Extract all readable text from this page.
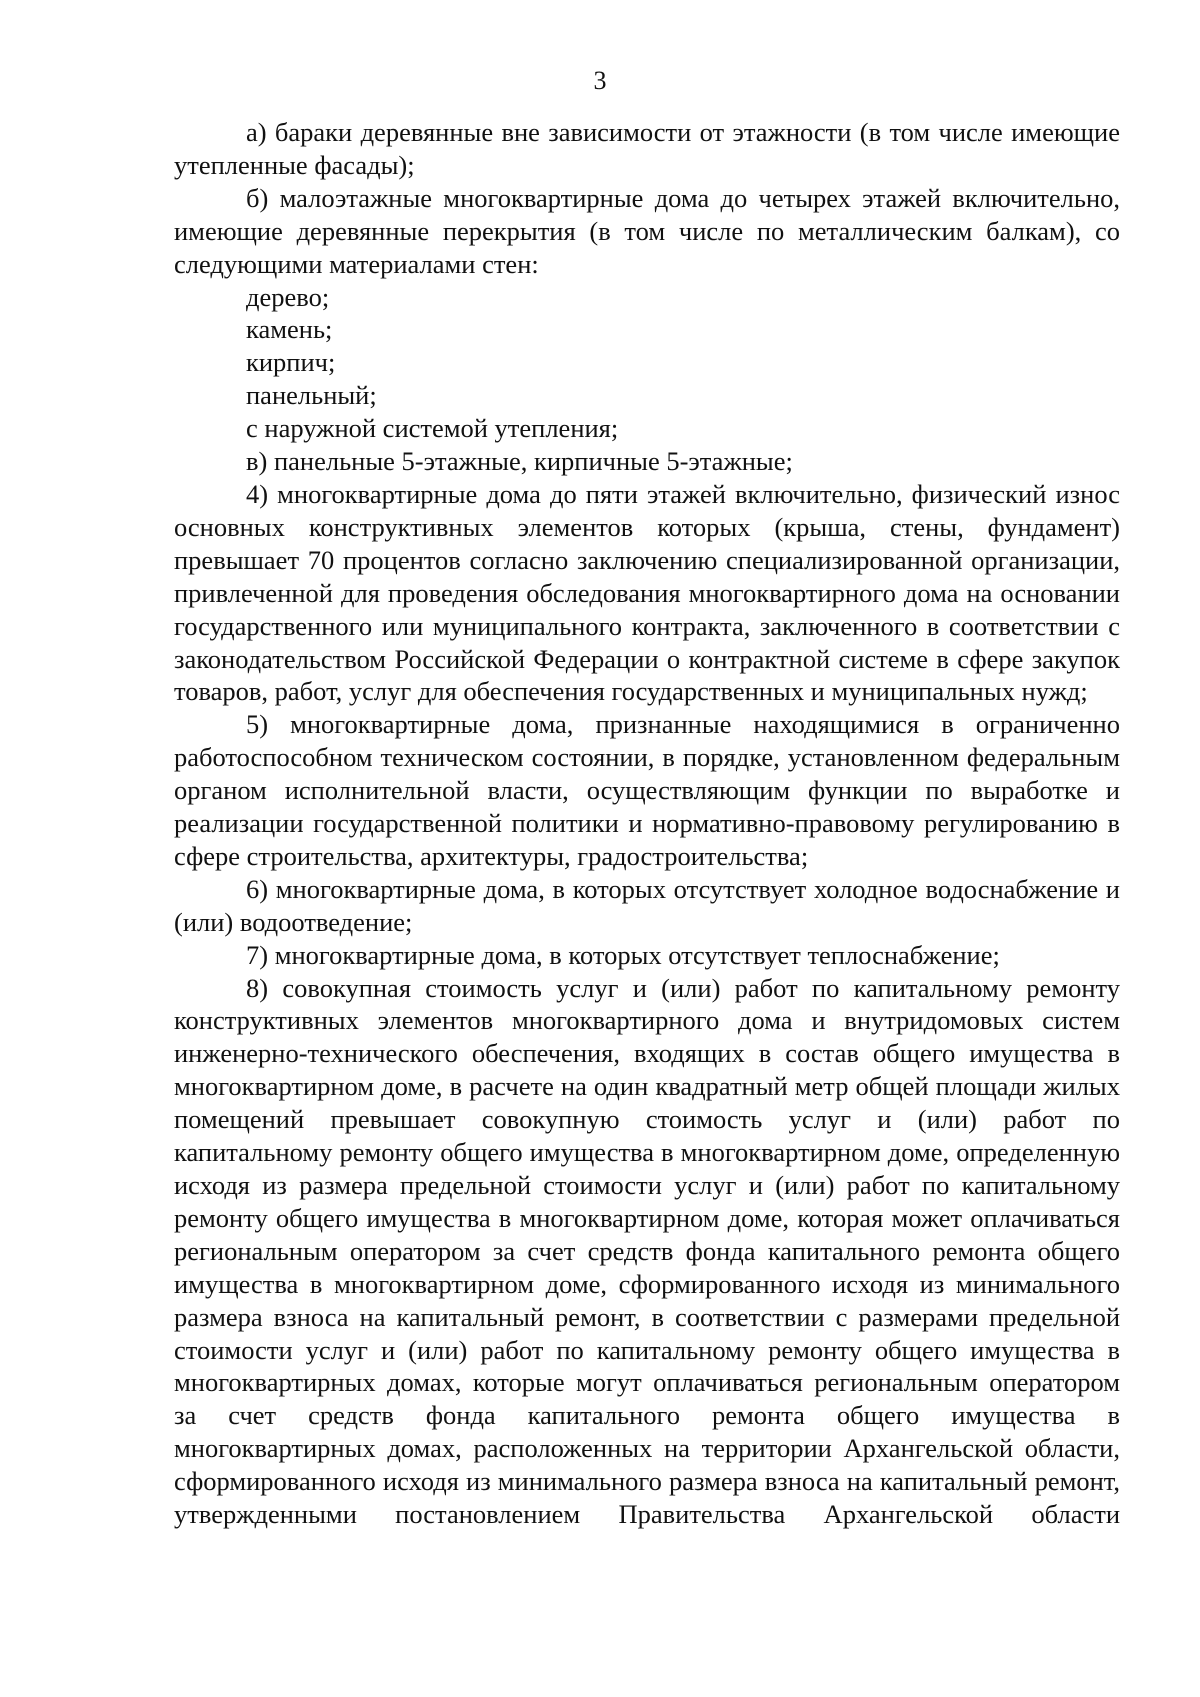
3

а) бараки деревянные вне зависимости от этажности (в том числе имеющие утепленные фасады);

б) малоэтажные многоквартирные дома до четырех этажей включительно, имеющие деревянные перекрытия (в том числе по металлическим балкам), со следующими материалами стен:

дерево;

камень;

кирпич;

панельный;

с наружной системой утепления;

в) панельные 5-этажные, кирпичные 5-этажные;

4) многоквартирные дома до пяти этажей включительно, физический износ основных конструктивных элементов которых (крыша, стены, фундамент) превышает 70 процентов согласно заключению специализированной организации, привлеченной для проведения обследования многоквартирного дома на основании государственного или муниципального контракта, заключенного в соответствии с законодательством Российской Федерации о контрактной системе в сфере закупок товаров, работ, услуг для обеспечения государственных и муниципальных нужд;

5) многоквартирные дома, признанные находящимися в ограниченно работоспособном техническом состоянии, в порядке, установленном федеральным органом исполнительной власти, осуществляющим функции по выработке и реализации государственной политики и нормативно-правовому регулированию в сфере строительства, архитектуры, градостроительства;

6) многоквартирные дома, в которых отсутствует холодное водоснабжение и (или) водоотведение;

7) многоквартирные дома, в которых отсутствует теплоснабжение;

8) совокупная стоимость услуг и (или) работ по капитальному ремонту конструктивных элементов многоквартирного дома и внутридомовых систем инженерно-технического обеспечения, входящих в состав общего имущества в многоквартирном доме, в расчете на один квадратный метр общей площади жилых помещений превышает совокупную стоимость услуг и (или) работ по капитальному ремонту общего имущества в многоквартирном доме, определенную исходя из размера предельной стоимости услуг и (или) работ по капитальному ремонту общего имущества в многоквартирном доме, которая может оплачиваться региональным оператором за счет средств фонда капитального ремонта общего имущества в многоквартирном доме, сформированного исходя из минимального размера взноса на капитальный ремонт, в соответствии с размерами предельной стоимости услуг и (или) работ по капитальному ремонту общего имущества в многоквартирных домах, которые могут оплачиваться региональным оператором за счет средств фонда капитального ремонта общего имущества в многоквартирных домах, расположенных на территории Архангельской области, сформированного исходя из минимального размера взноса на капитальный ремонт, утвержденными постановлением Правительства Архангельской области
